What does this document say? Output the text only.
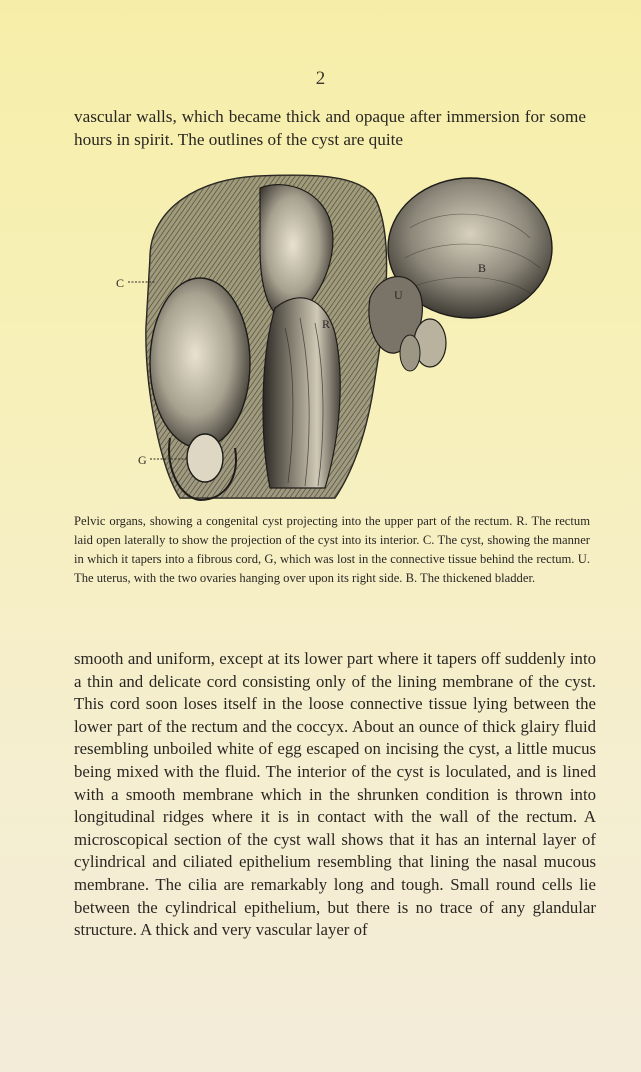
2

vascular walls, which became thick and opaque after immersion for some hours in spirit. The outlines of the cyst are quite

C
G
R
U
B

Pelvic organs, showing a congenital cyst projecting into the upper part of the rectum. R. The rectum laid open laterally to show the projection of the cyst into its interior. C. The cyst, showing the manner in which it tapers into a fibrous cord, G, which was lost in the connective tissue behind the rectum. U. The uterus, with the two ovaries hanging over upon its right side. B. The thickened bladder.

smooth and uniform, except at its lower part where it tapers off suddenly into a thin and delicate cord consisting only of the lining membrane of the cyst. This cord soon loses itself in the loose connective tissue lying between the lower part of the rectum and the coccyx. About an ounce of thick glairy fluid resembling unboiled white of egg escaped on incising the cyst, a little mucus being mixed with the fluid. The interior of the cyst is loculated, and is lined with a smooth membrane which in the shrunken condition is thrown into longitudinal ridges where it is in contact with the wall of the rectum. A microscopical section of the cyst wall shows that it has an internal layer of cylindrical and ciliated epithelium resembling that lining the nasal mucous membrane. The cilia are remarkably long and tough. Small round cells lie between the cylindrical epithelium, but there is no trace of any glandular structure. A thick and very vascular layer of
